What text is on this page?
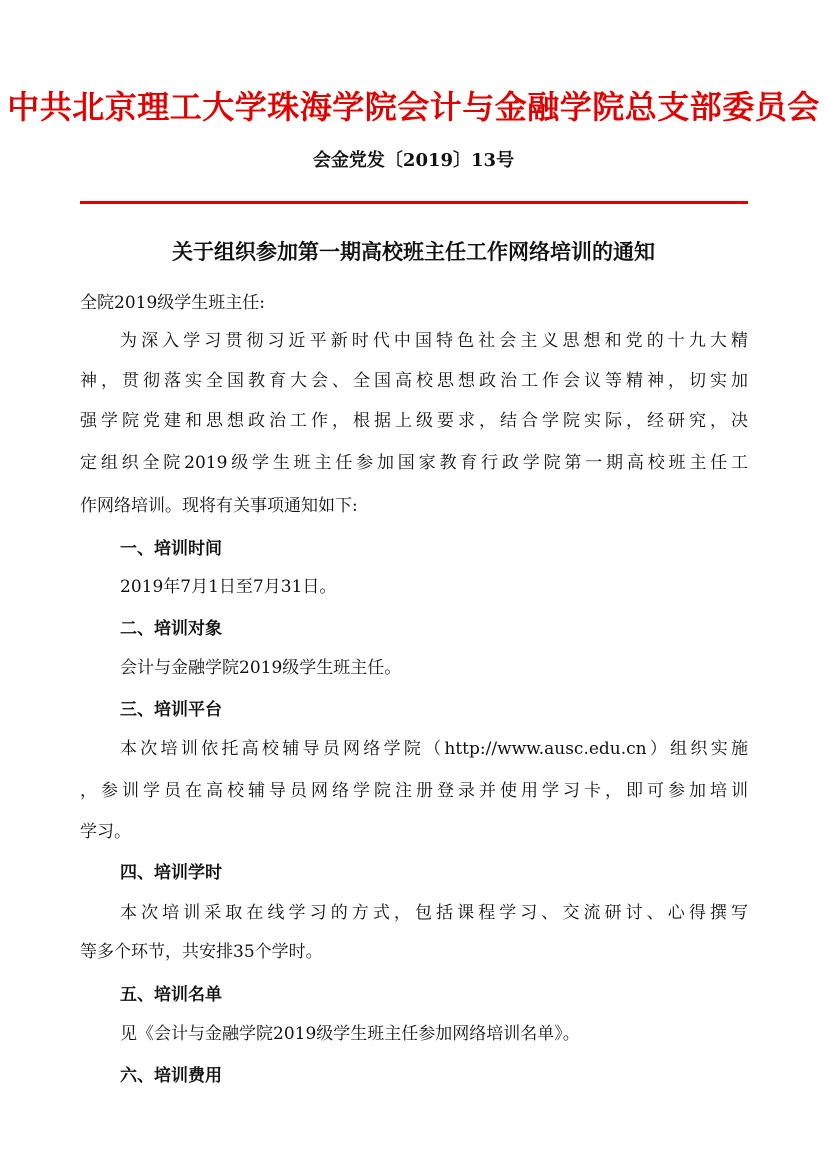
中共北京理工大学珠海学院会计与金融学院总支部委员会
会金党发〔2019〕13号
关于组织参加第一期高校班主任工作网络培训的通知
全院2019级学生班主任:
为深入学习贯彻习近平新时代中国特色社会主义思想和党的十九大精
神，贯彻落实全国教育大会、全国高校思想政治工作会议等精神，切实加
强学院党建和思想政治工作，根据上级要求，结合学院实际，经研究，决
定组织全院2019级学生班主任参加国家教育行政学院第一期高校班主任工
作网络培训。现将有关事项通知如下:
一、培训时间
2019年7月1日至7月31日。
二、培训对象
会计与金融学院2019级学生班主任。
三、培训平台
本次培训依托高校辅导员网络学院（http://www.ausc.edu.cn）组织实施
，参训学员在高校辅导员网络学院注册登录并使用学习卡，即可参加培训
学习。
四、培训学时
本次培训采取在线学习的方式，包括课程学习、交流研讨、心得撰写
等多个环节，共安排35个学时。
五、培训名单
见《会计与金融学院2019级学生班主任参加网络培训名单》。
六、培训费用
